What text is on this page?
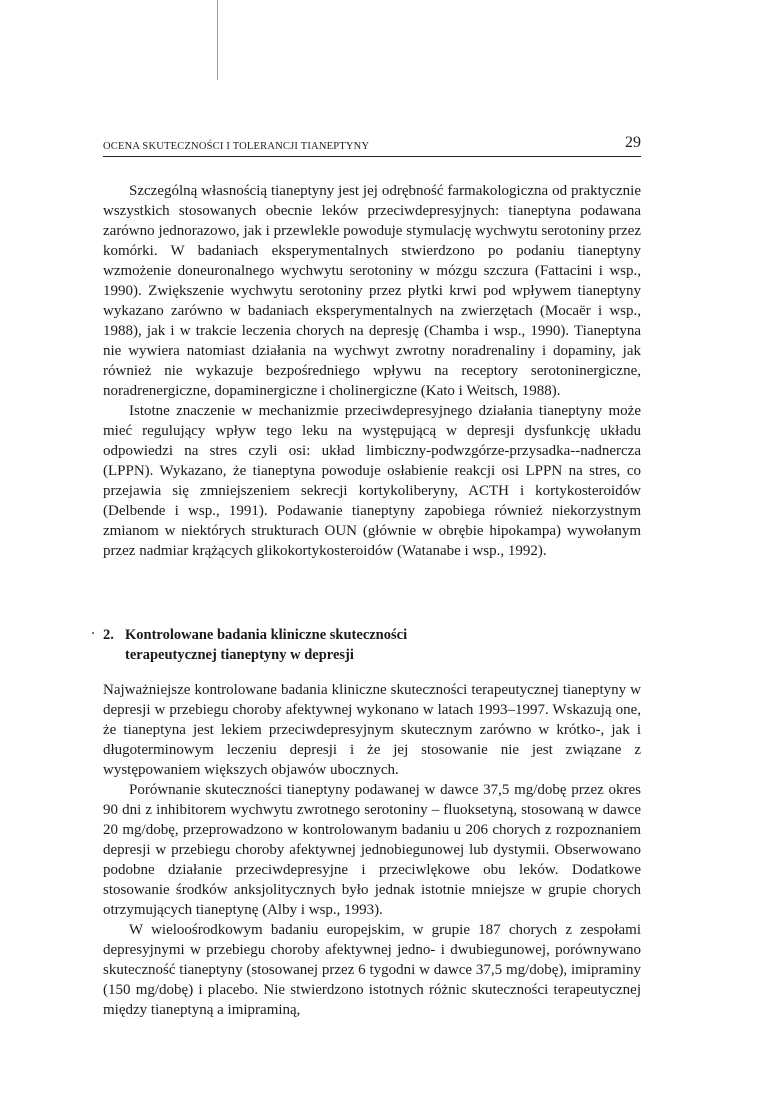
OCENA SKUTECZNOŚCI I TOLERANCJI TIANEPTYNY	29

Szczególną własnością tianeptyny jest jej odrębność farmakologiczna od praktycznie wszystkich stosowanych obecnie leków przeciwdepresyjnych: tianeptyna podawana zarówno jednorazowo, jak i przewlekle powoduje stymulację wychwytu serotoniny przez komórki. W badaniach eksperymentalnych stwierdzono po podaniu tianeptyny wzmożenie doneuronalnego wychwytu serotoniny w mózgu szczura (Fattacini i wsp., 1990). Zwiększenie wychwytu serotoniny przez płytki krwi pod wpływem tianeptyny wykazano zarówno w badaniach eksperymentalnych na zwierzętach (Mocaër i wsp., 1988), jak i w trakcie leczenia chorych na depresję (Chamba i wsp., 1990). Tianeptyna nie wywiera natomiast działania na wychwyt zwrotny noradrenaliny i dopaminy, jak również nie wykazuje bezpośredniego wpływu na receptory serotoninergiczne, noradrenergiczne, dopaminergiczne i cholinergiczne (Kato i Weitsch, 1988).

Istotne znaczenie w mechanizmie przeciwdepresyjnego działania tianeptyny może mieć regulujący wpływ tego leku na występującą w depresji dysfunkcję układu odpowiedzi na stres czyli osi: układ limbiczny-podwzgórze-przysadka--nadnercza (LPPN). Wykazano, że tianeptyna powoduje osłabienie reakcji osi LPPN na stres, co przejawia się zmniejszeniem sekrecji kortykoliberyny, ACTH i kortykosteroidów (Delbende i wsp., 1991). Podawanie tianeptyny zapobiega również niekorzystnym zmianom w niektórych strukturach OUN (głównie w obrębie hipokampa) wywołanym przez nadmiar krążących glikokortykosteroidów (Watanabe i wsp., 1992).

2. Kontrolowane badania kliniczne skuteczności
terapeutycznej tianeptyny w depresji

Najważniejsze kontrolowane badania kliniczne skuteczności terapeutycznej tianeptyny w depresji w przebiegu choroby afektywnej wykonano w latach 1993–1997. Wskazują one, że tianeptyna jest lekiem przeciwdepresyjnym skutecznym zarówno w krótko-, jak i długoterminowym leczeniu depresji i że jej stosowanie nie jest związane z występowaniem większych objawów ubocznych.

Porównanie skuteczności tianeptyny podawanej w dawce 37,5 mg/dobę przez okres 90 dni z inhibitorem wychwytu zwrotnego serotoniny – fluoksetyną, stosowaną w dawce 20 mg/dobę, przeprowadzono w kontrolowanym badaniu u 206 chorych z rozpoznaniem depresji w przebiegu choroby afektywnej jednobiegunowej lub dystymii. Obserwowano podobne działanie przeciwdepresyjne i przeciwlękowe obu leków. Dodatkowe stosowanie środków anksjolitycznych było jednak istotnie mniejsze w grupie chorych otrzymujących tianeptynę (Alby i wsp., 1993).

W wieloośrodkowym badaniu europejskim, w grupie 187 chorych z zespołami depresyjnymi w przebiegu choroby afektywnej jedno- i dwubiegunowej, porównywano skuteczność tianeptyny (stosowanej przez 6 tygodni w dawce 37,5 mg/dobę), imipraminy (150 mg/dobę) i placebo. Nie stwierdzono istotnych różnic skuteczności terapeutycznej między tianeptyną a imipraminą,
